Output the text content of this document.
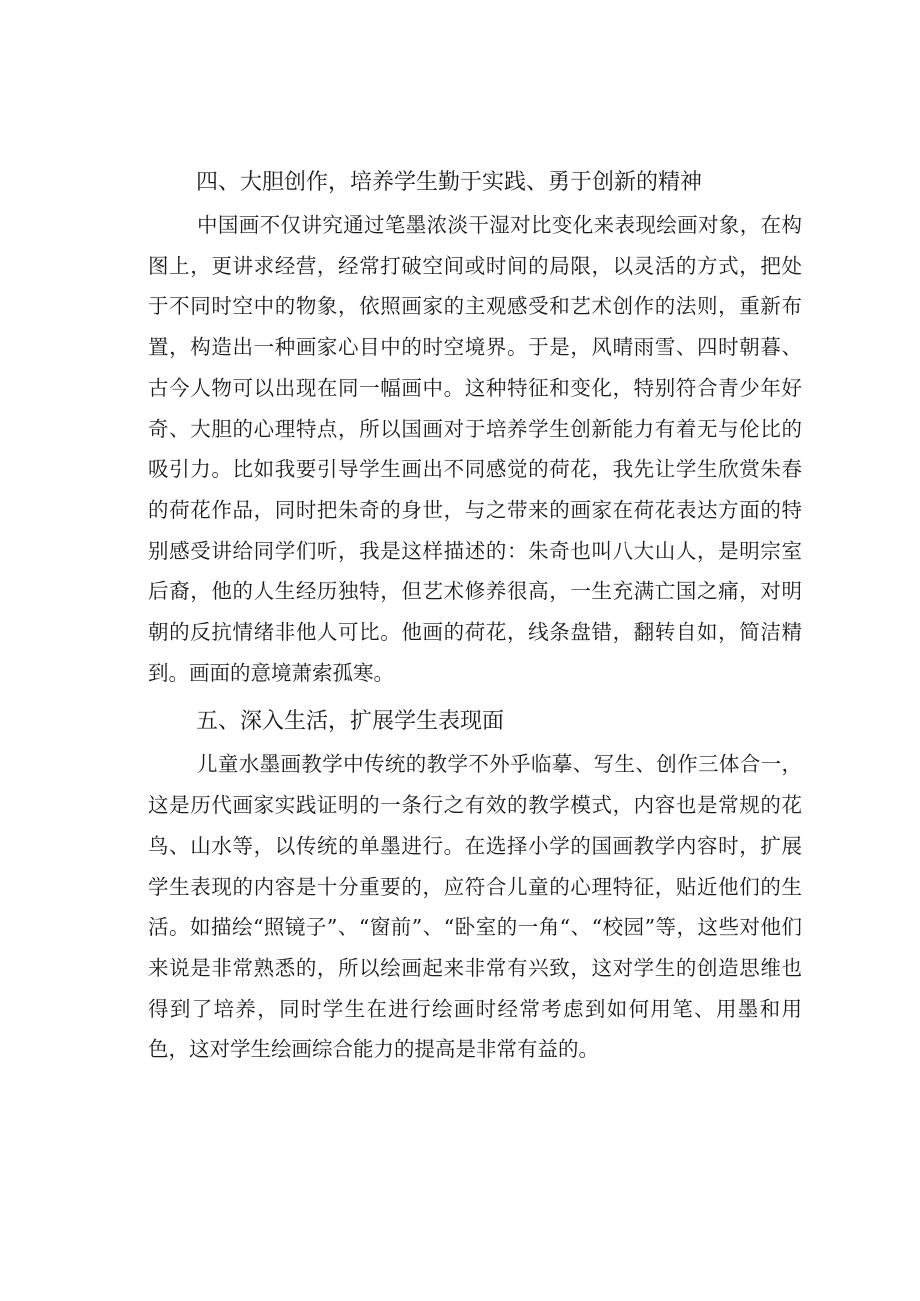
四、大胆创作，培养学生勤于实践、勇于创新的精神

中国画不仅讲究通过笔墨浓淡干湿对比变化来表现绘画对象，在构图上，更讲求经营，经常打破空间或时间的局限，以灵活的方式，把处于不同时空中的物象，依照画家的主观感受和艺术创作的法则，重新布置，构造出一种画家心目中的时空境界。于是，风晴雨雪、四时朝暮、古今人物可以出现在同一幅画中。这种特征和变化，特别符合青少年好奇、大胆的心理特点，所以国画对于培养学生创新能力有着无与伦比的吸引力。比如我要引导学生画出不同感觉的荷花，我先让学生欣赏朱春的荷花作品，同时把朱奇的身世，与之带来的画家在荷花表达方面的特别感受讲给同学们听，我是这样描述的：朱奇也叫八大山人，是明宗室后裔，他的人生经历独特，但艺术修养很高，一生充满亡国之痛，对明朝的反抗情绪非他人可比。他画的荷花，线条盘错，翻转自如，简洁精到。画面的意境萧索孤寒。

五、深入生活，扩展学生表现面

儿童水墨画教学中传统的教学不外乎临摹、写生、创作三体合一，这是历代画家实践证明的一条行之有效的教学模式，内容也是常规的花鸟、山水等，以传统的单墨进行。在选择小学的国画教学内容时，扩展学生表现的内容是十分重要的，应符合儿童的心理特征，贴近他们的生活。如描绘“照镜子”、“窗前”、“卧室的一角“、“校园”等，这些对他们来说是非常熟悉的，所以绘画起来非常有兴致，这对学生的创造思维也得到了培养，同时学生在进行绘画时经常考虑到如何用笔、用墨和用色，这对学生绘画综合能力的提高是非常有益的。
